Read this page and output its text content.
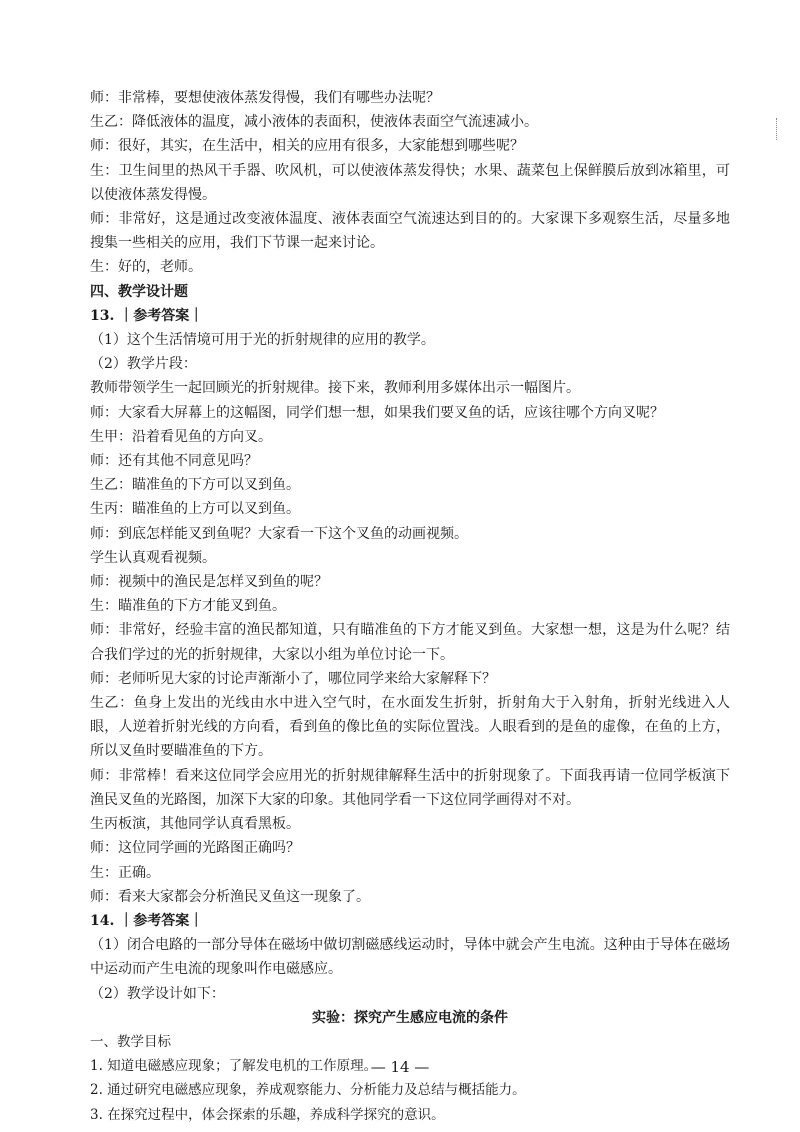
师：非常棒，要想使液体蒸发得慢，我们有哪些办法呢？

生乙：降低液体的温度，减小液体的表面积，使液体表面空气流速减小。

师：很好，其实，在生活中，相关的应用有很多，大家能想到哪些呢？

生：卫生间里的热风干手器、吹风机，可以使液体蒸发得快；水果、蔬菜包上保鲜膜后放到冰箱里，可以使液体蒸发得慢。

师：非常好，这是通过改变液体温度、液体表面空气流速达到目的的。大家课下多观察生活，尽量多地搜集一些相关的应用，我们下节课一起来讨论。

生：好的，老师。

四、教学设计题

13. ｜参考答案｜

（1）这个生活情境可用于光的折射规律的应用的教学。

（2）教学片段：

教师带领学生一起回顾光的折射规律。接下来，教师利用多媒体出示一幅图片。

师：大家看大屏幕上的这幅图，同学们想一想，如果我们要叉鱼的话，应该往哪个方向叉呢？

生甲：沿着看见鱼的方向叉。

师：还有其他不同意见吗？

生乙：瞄准鱼的下方可以叉到鱼。

生丙：瞄准鱼的上方可以叉到鱼。

师：到底怎样能叉到鱼呢？大家看一下这个叉鱼的动画视频。

学生认真观看视频。

师：视频中的渔民是怎样叉到鱼的呢？

生：瞄准鱼的下方才能叉到鱼。

师：非常好，经验丰富的渔民都知道，只有瞄准鱼的下方才能叉到鱼。大家想一想，这是为什么呢？结合我们学过的光的折射规律，大家以小组为单位讨论一下。

师：老师听见大家的讨论声渐渐小了，哪位同学来给大家解释下？

生乙：鱼身上发出的光线由水中进入空气时，在水面发生折射，折射角大于入射角，折射光线进入人眼，人逆着折射光线的方向看，看到鱼的像比鱼的实际位置浅。人眼看到的是鱼的虚像，在鱼的上方，所以叉鱼时要瞄准鱼的下方。

师：非常棒！看来这位同学会应用光的折射规律解释生活中的折射现象了。下面我再请一位同学板演下渔民叉鱼的光路图，加深下大家的印象。其他同学看一下这位同学画得对不对。

生丙板演，其他同学认真看黑板。

师：这位同学画的光路图正确吗？

生：正确。

师：看来大家都会分析渔民叉鱼这一现象了。

14. ｜参考答案｜

（1）闭合电路的一部分导体在磁场中做切割磁感线运动时，导体中就会产生电流。这种由于导体在磁场中运动而产生电流的现象叫作电磁感应。

（2）教学设计如下：

实验：探究产生感应电流的条件

一、教学目标

1. 知道电磁感应现象；了解发电机的工作原理。

2. 通过研究电磁感应现象，养成观察能力、分析能力及总结与概括能力。

3. 在探究过程中，体会探索的乐趣，养成科学探究的意识。

— 14 —
